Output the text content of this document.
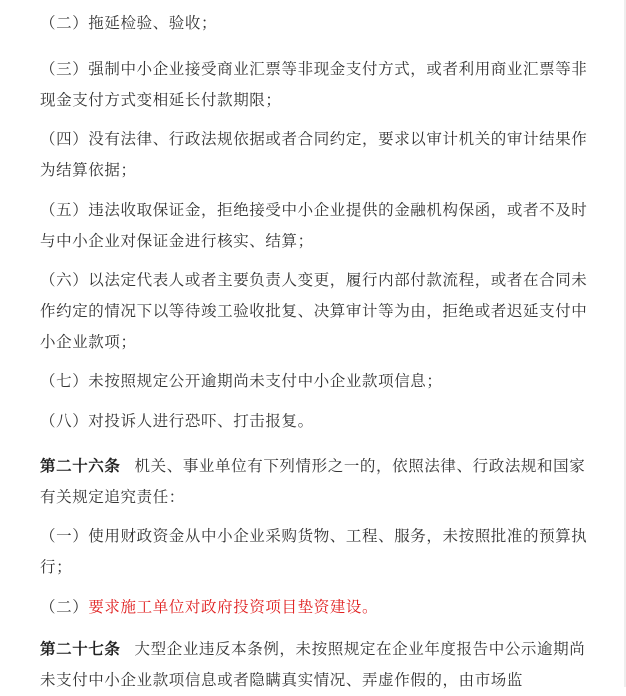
（二）拖延检验、验收；

（三）强制中小企业接受商业汇票等非现金支付方式，或者利用商业汇票等非现金支付方式变相延长付款期限；

（四）没有法律、行政法规依据或者合同约定，要求以审计机关的审计结果作为结算依据；

（五）违法收取保证金，拒绝接受中小企业提供的金融机构保函，或者不及时与中小企业对保证金进行核实、结算；

（六）以法定代表人或者主要负责人变更，履行内部付款流程，或者在合同未作约定的情况下以等待竣工验收批复、决算审计等为由，拒绝或者迟延支付中小企业款项；

（七）未按照规定公开逾期尚未支付中小企业款项信息；

（八）对投诉人进行恐吓、打击报复。

第二十六条 机关、事业单位有下列情形之一的，依照法律、行政法规和国家有关规定追究责任：

（一）使用财政资金从中小企业采购货物、工程、服务，未按照批准的预算执行；

（二）要求施工单位对政府投资项目垫资建设。

第二十七条 大型企业违反本条例，未按照规定在企业年度报告中公示逾期尚未支付中小企业款项信息或者隐瞒真实情况、弄虚作假的，由市场监
